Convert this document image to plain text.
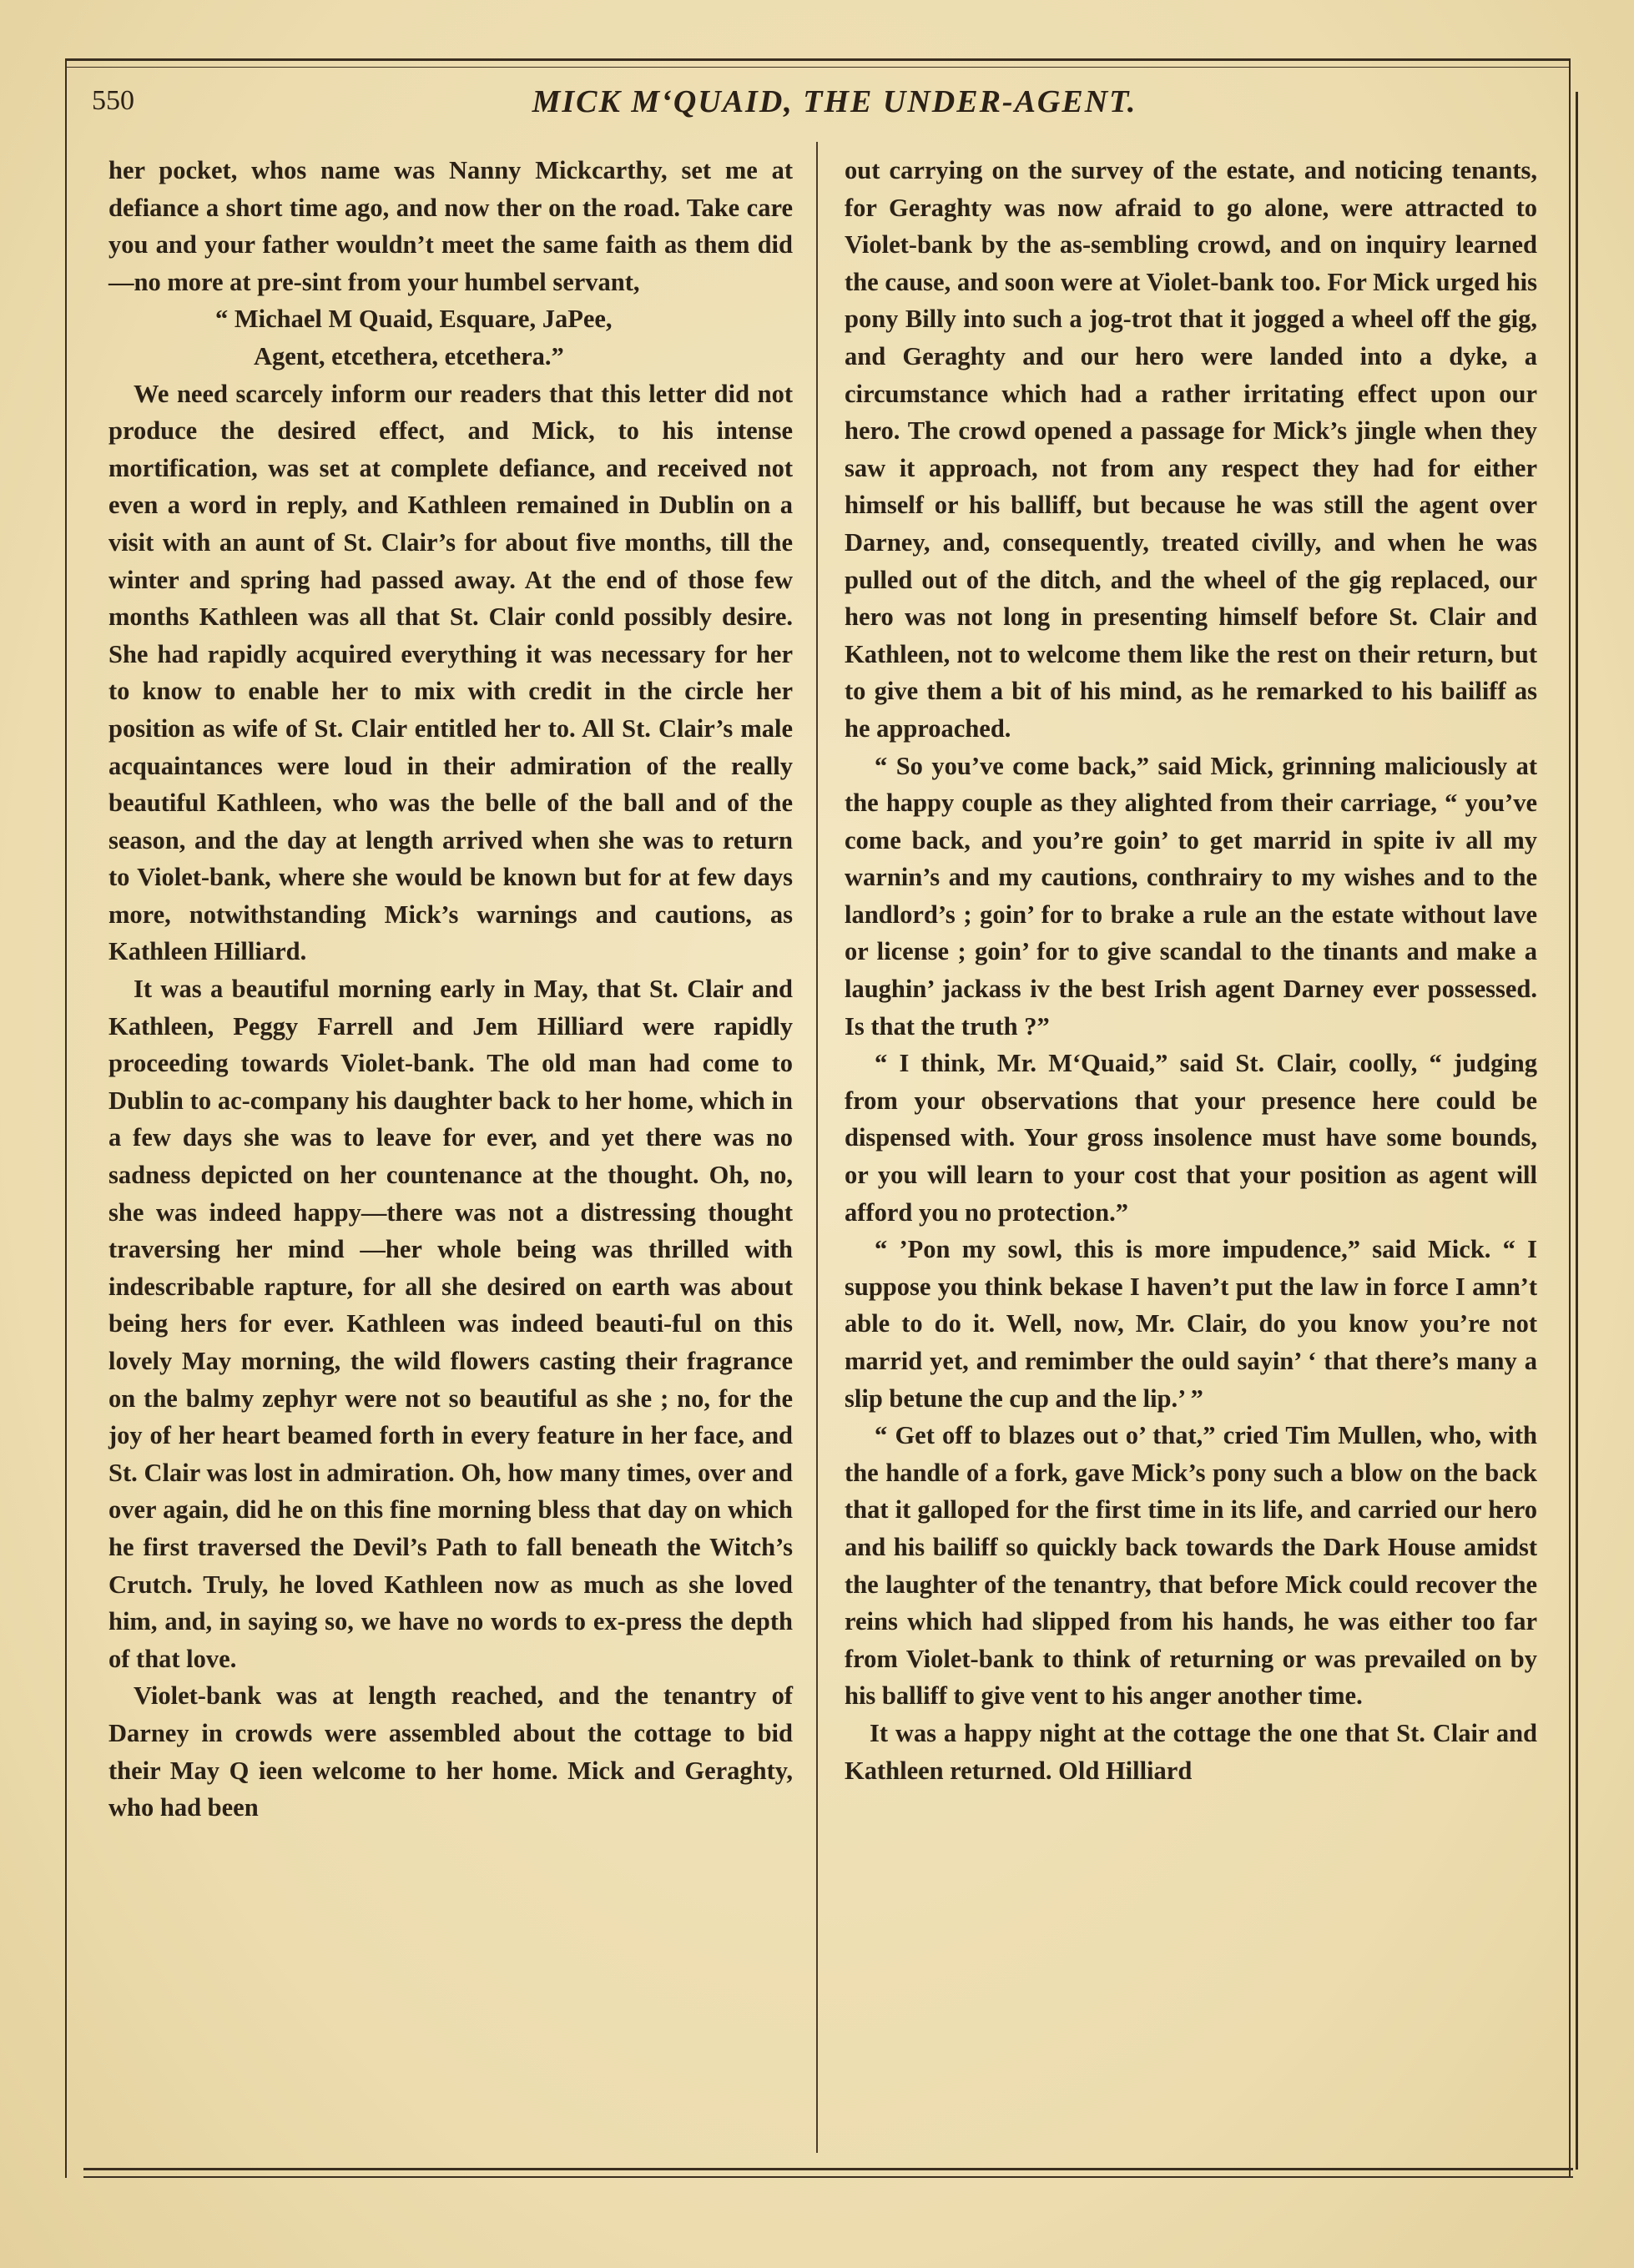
550	MICK M‘QUAID, THE UNDER-AGENT.

her pocket, whos name was Nanny Mickcarthy, set me at defiance a short time ago, and now ther on the road. Take care you and your father wouldn’t meet the same faith as them did—no more at pre-sint from your humbel servant,

“ Michael M Quaid, Esquare, JaPee,

Agent, etcethera, etcethera.”

We need scarcely inform our readers that this letter did not produce the desired effect, and Mick, to his intense mortification, was set at complete defiance, and received not even a word in reply, and Kathleen remained in Dublin on a visit with an aunt of St. Clair’s for about five months, till the winter and spring had passed away. At the end of those few months Kathleen was all that St. Clair conld possibly desire. She had rapidly acquired everything it was necessary for her to know to enable her to mix with credit in the circle her position as wife of St. Clair entitled her to. All St. Clair’s male acquaintances were loud in their admiration of the really beautiful Kathleen, who was the belle of the ball and of the season, and the day at length arrived when she was to return to Violet-bank, where she would be known but for at few days more, notwithstanding Mick’s warnings and cautions, as Kathleen Hilliard.

It was a beautiful morning early in May, that St. Clair and Kathleen, Peggy Farrell and Jem Hilliard were rapidly proceeding towards Violet-bank. The old man had come to Dublin to ac-company his daughter back to her home, which in a few days she was to leave for ever, and yet there was no sadness depicted on her countenance at the thought. Oh, no, she was indeed happy—there was not a distressing thought traversing her mind —her whole being was thrilled with indescribable rapture, for all she desired on earth was about being hers for ever. Kathleen was indeed beauti-ful on this lovely May morning, the wild flowers casting their fragrance on the balmy zephyr were not so beautiful as she ; no, for the joy of her heart beamed forth in every feature in her face, and St. Clair was lost in admiration. Oh, how many times, over and over again, did he on this fine morning bless that day on which he first traversed the Devil’s Path to fall beneath the Witch’s Crutch. Truly, he loved Kathleen now as much as she loved him, and, in saying so, we have no words to ex-press the depth of that love.

Violet-bank was at length reached, and the tenantry of Darney in crowds were assembled about the cottage to bid their May Q ieen welcome to her home. Mick and Geraghty, who had been

out carrying on the survey of the estate, and noticing tenants, for Geraghty was now afraid to go alone, were attracted to Violet-bank by the as-sembling crowd, and on inquiry learned the cause, and soon were at Violet-bank too. For Mick urged his pony Billy into such a jog-trot that it jogged a wheel off the gig, and Geraghty and our hero were landed into a dyke, a circumstance which had a rather irritating effect upon our hero. The crowd opened a passage for Mick’s jingle when they saw it approach, not from any respect they had for either himself or his balliff, but because he was still the agent over Darney, and, consequently, treated civilly, and when he was pulled out of the ditch, and the wheel of the gig replaced, our hero was not long in presenting himself before St. Clair and Kathleen, not to welcome them like the rest on their return, but to give them a bit of his mind, as he remarked to his bailiff as he approached.

“ So you’ve come back,” said Mick, grinning maliciously at the happy couple as they alighted from their carriage, “ you’ve come back, and you’re goin’ to get marrid in spite iv all my warnin’s and my cautions, conthrairy to my wishes and to the landlord’s ; goin’ for to brake a rule an the estate without lave or license ; goin’ for to give scandal to the tinants and make a laughin’ jackass iv the best Irish agent Darney ever possessed. Is that the truth ?”

“ I think, Mr. M‘Quaid,” said St. Clair, coolly, “ judging from your observations that your presence here could be dispensed with. Your gross insolence must have some bounds, or you will learn to your cost that your position as agent will afford you no protection.”

“ ’Pon my sowl, this is more impudence,” said Mick. “ I suppose you think bekase I haven’t put the law in force I amn’t able to do it. Well, now, Mr. Clair, do you know you’re not marrid yet, and remimber the ould sayin’ ‘ that there’s many a slip betune the cup and the lip.’ ”

“ Get off to blazes out o’ that,” cried Tim Mullen, who, with the handle of a fork, gave Mick’s pony such a blow on the back that it galloped for the first time in its life, and carried our hero and his bailiff so quickly back towards the Dark House amidst the laughter of the tenantry, that before Mick could recover the reins which had slipped from his hands, he was either too far from Violet-bank to think of returning or was prevailed on by his balliff to give vent to his anger another time.

It was a happy night at the cottage the one that St. Clair and Kathleen returned. Old Hilliard
